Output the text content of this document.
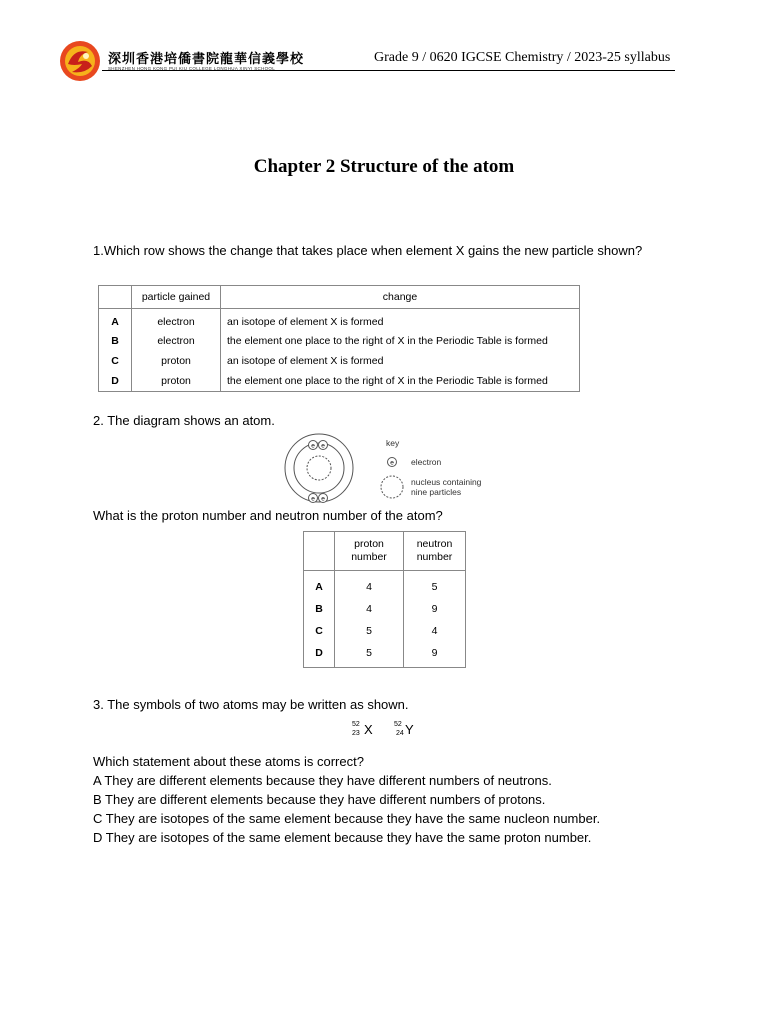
深圳香港培僑書院龍華信義學校
SHENZHEN HONG KONG PUI KIU COLLEGE LONGHUA XINYI SCHOOL
Grade 9 / 0620 IGCSE Chemistry / 2023-25 syllabus
Chapter 2 Structure of the atom
1.Which row shows the change that takes place when element X gains the new particle shown?
	particle gained	change
A	electron	an isotope of element X is formed
B	electron	the element one place to the right of X in the Periodic Table is formed
C	proton	an isotope of element X is formed
D	proton	the element one place to the right of X in the Periodic Table is formed
2. The diagram shows an atom.
e e
e e
key
e electron
nucleus containing
nine particles
What is the proton number and neutron number of the atom?
	proton number	neutron number
A	4	5
B	4	9
C	5	4
D	5	9
3. The symbols of two atoms may be written as shown.
52
23 X	52
24 Y
Which statement about these atoms is correct?
A They are different elements because they have different numbers of neutrons.
B They are different elements because they have different numbers of protons.
C They are isotopes of the same element because they have the same nucleon number.
D They are isotopes of the same element because they have the same proton number.
